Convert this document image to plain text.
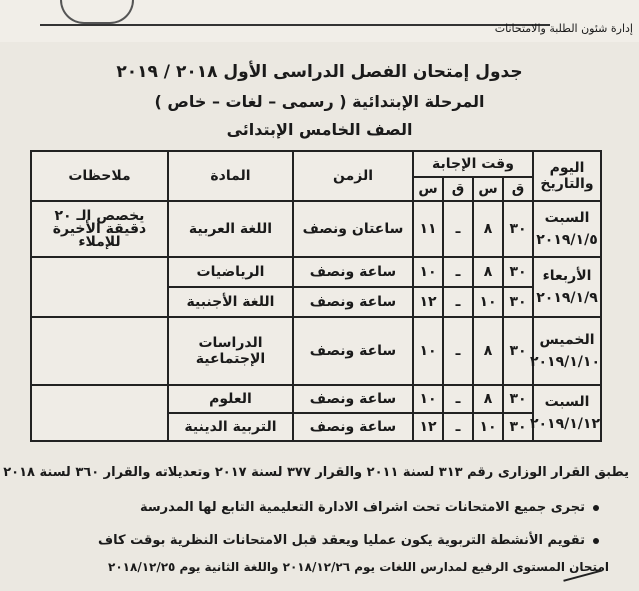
إدارة شئون الطلبة والامتحانات
جدول إمتحان الفصل الدراسى الأول ٢٠١٨ / ٢٠١٩
المرحلة الإبتدائية ( رسمى – لغات – خاص )
الصف الخامس الإبتدائى
اليوم والتاريخ	وقت الإجابة				الزمن	المادة	ملاحظات
	ق	س	ق	س			

السبت
٢٠١٩/١/٥	٣٠	٨	ـ	١١	ساعتان ونصف	اللغة العربية	يخصص الـ ٢٠ دقيقة الأخيرة للإملاء

الأربعاء
٢٠١٩/١/٩	٣٠	٨	ـ	١٠	ساعة ونصف	الرياضيات	
	٣٠	١٠	ـ	١٢	ساعة ونصف	اللغة الأجنبية	

الخميس
٢٠١٩/١/١٠	٣٠	٨	ـ	١٠	ساعة ونصف	الدراسات الإجتماعية	

السبت
٢٠١٩/١/١٢	٣٠	٨	ـ	١٠	ساعة ونصف	العلوم	
	٣٠	١٠	ـ	١٢	ساعة ونصف	التربية الدينية	
يطبق القرار الوزارى رقم ٣١٣ لسنة ٢٠١١ والقرار ٣٧٧ لسنة ٢٠١٧ وتعديلاته والقرار ٣٦٠ لسنة ٢٠١٨
تجرى جميع الامتحانات تحت اشراف الادارة التعليمية التابع لها المدرسة
تقويم الأنشطة التربوية يكون عمليا ويعقد قبل الامتحانات النظرية بوقت كاف
امتحان المستوى الرفيع لمدارس اللغات يوم ٢٠١٨/١٢/٢٦ واللغة الثانية يوم ٢٠١٨/١٢/٢٥
